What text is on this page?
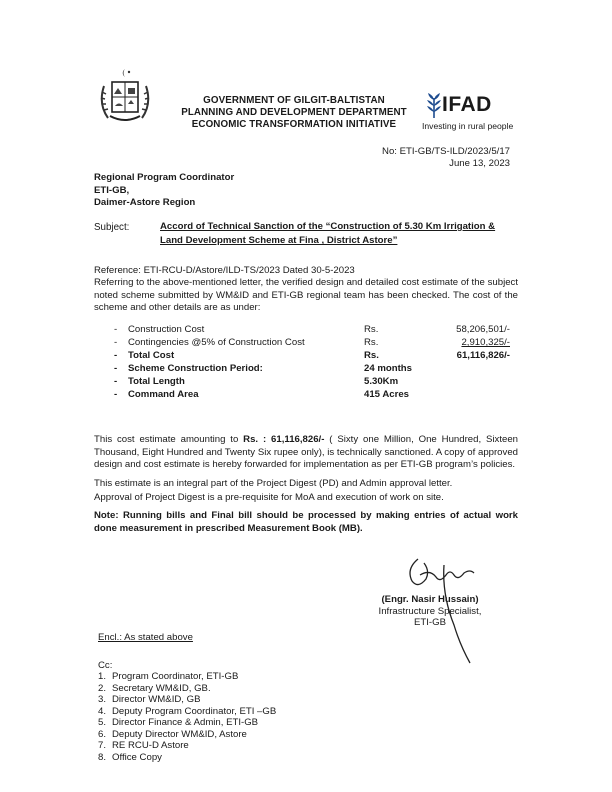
GOVERNMENT OF GILGIT-BALTISTAN
PLANNING AND DEVELOPMENT DEPARTMENT
ECONOMIC TRANSFORMATION INITIATIVE
IFAD
Investing in rural people
No: ETI-GB/TS-ILD/2023/5/17
June 13, 2023
Regional Program Coordinator
ETI-GB,
Daimer-Astore Region
Subject:	Accord of Technical Sanction of the “Construction of 5.30 Km Irrigation & Land Development Scheme at Fina , District Astore”
Reference: ETI-RCU-D/Astore/ILD-TS/2023 Dated 30-5-2023
Referring to the above-mentioned letter, the verified design and detailed cost estimate of the subject noted scheme submitted by WM&ID and ETI-GB regional team has been checked. The cost of the scheme and other details are as under:
- Construction Cost	Rs.	58,206,501/-
- Contingencies @5% of Construction Cost	Rs.	2,910,325/-
- Total Cost	Rs.	61,116,826/-
- Scheme Construction Period:	24 months
- Total Length	5.30Km
- Command Area	415 Acres
This cost estimate amounting to Rs. : 61,116,826/- ( Sixty one Million, One Hundred, Sixteen Thousand, Eight Hundred and Twenty Six rupee only), is technically sanctioned. A copy of approved design and cost estimate is hereby forwarded for implementation as per ETI-GB program’s policies.
This estimate is an integral part of the Project Digest (PD) and Admin approval letter.
Approval of Project Digest is a pre-requisite for MoA and execution of work on site.
Note: Running bills and Final bill should be processed by making entries of actual work done measurement in prescribed Measurement Book (MB).
(Engr. Nasir Hussain)
Infrastructure Specialist,
ETI-GB
Encl.: As stated above
Cc:
1. Program Coordinator, ETI-GB
2. Secretary WM&ID, GB.
3. Director WM&ID, GB
4. Deputy Program Coordinator, ETI –GB
5. Director Finance & Admin, ETI-GB
6. Deputy Director WM&ID, Astore
7. RE RCU-D Astore
8. Office Copy
